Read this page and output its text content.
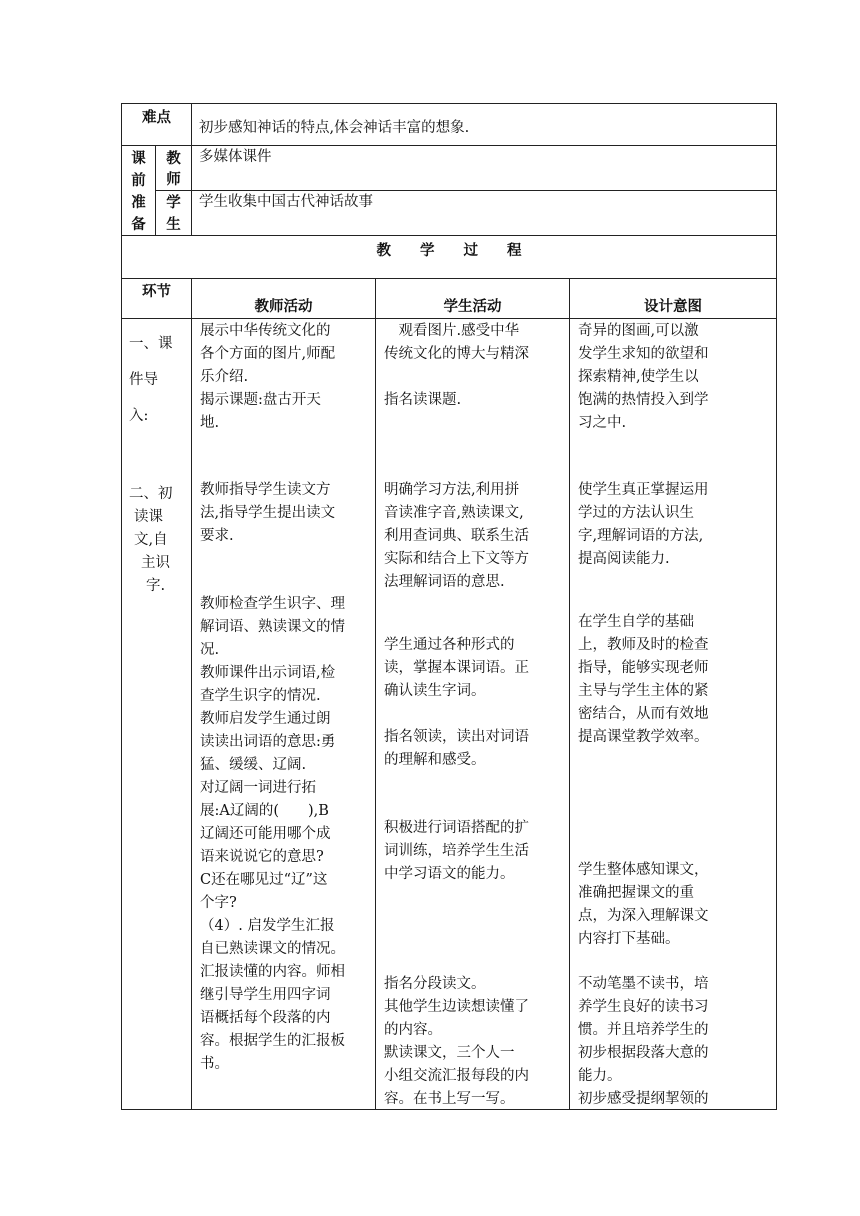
难点
初步感知神话的特点,体会神话丰富的想象.
课
前
准
备
教
师
多媒体课件
学
生
学生收集中国古代神话故事
教　　学　　过　　程
环节
教师活动	学生活动	设计意图
一、课
件导
入:
展示中华传统文化的
各个方面的图片,师配
乐介绍.
揭示课题:盘古开天
地.
　观看图片.感受中华
传统文化的博大与精深
指名读课题.
奇异的图画,可以激
发学生求知的欲望和
探索精神,使学生以
饱满的热情投入到学
习之中.
二、初
读课
文,自
主识
字.
教师指导学生读文方
法,指导学生提出读文
要求.
教师检查学生识字、理
解词语、熟读课文的情
况.
教师课件出示词语,检
查学生识字的情况.
教师启发学生通过朗
读读出词语的意思:勇
猛、缓缓、辽阔.
对辽阔一词进行拓
展:A辽阔的(　　),B
辽阔还可能用哪个成
语来说说它的意思?
C还在哪见过“辽”这
个字?
（4）. 启发学生汇报
自已熟读课文的情况。
汇报读懂的内容。师相
继引导学生用四字词
语概括每个段落的内
容。根据学生的汇报板
书。
明确学习方法,利用拼
音读准字音,熟读课文,
利用查词典、联系生活
实际和结合上下文等方
法理解词语的意思.
学生通过各种形式的
读，掌握本课词语。正
确认读生字词。
指名领读，读出对词语
的理解和感受。
积极进行词语搭配的扩
词训练，培养学生生活
中学习语文的能力。
指名分段读文。
其他学生边读想读懂了
的内容。
默读课文，三个人一
小组交流汇报每段的内
容。在书上写一写。
使学生真正掌握运用
学过的方法认识生
字,理解词语的方法,
提高阅读能力.
在学生自学的基础
上，教师及时的检查
指导，能够实现老师
主导与学生主体的紧
密结合，从而有效地
提高课堂教学效率。
学生整体感知课文，
准确把握课文的重
点，为深入理解课文
内容打下基础。
不动笔墨不读书，培
养学生良好的读书习
惯。并且培养学生的
初步根据段落大意的
能力。
初步感受提纲挈领的
